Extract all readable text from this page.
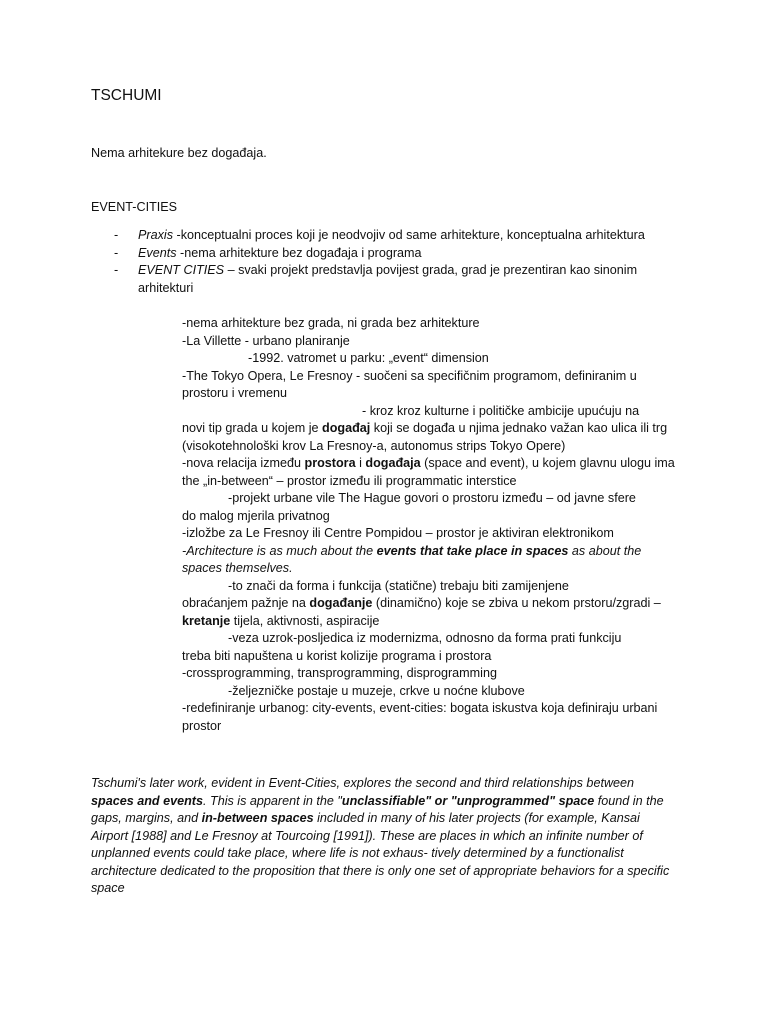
TSCHUMI
Nema arhitekure bez događaja.
EVENT-CITIES
- Praxis -konceptualni proces koji je neodvojiv od same arhitekture, konceptualna arhitektura
- Events -nema arhitekture bez događaja i programa
- EVENT CITIES – svaki projekt predstavlja povijest grada, grad je prezentiran kao sinonim arhitekturi

-nema arhitekture bez grada, ni grada bez arhitekture

-La Villette - urbano planiranje

-1992. vatromet u parku: „event“ dimension

-The Tokyo Opera, Le Fresnoy - suočeni sa specifičnim programom, definiranim u prostoru i vremenu

- kroz kroz kulturne i političke ambicije upućuju na

novi tip grada u kojem je događaj koji se događa u njima jednako važan kao ulica ili trg (visokotehnološki krov La Fresnoy-a, autonomus strips Tokyo Opere)

-nova relacija između prostora i događaja (space and event), u kojem glavnu ulogu ima the „in-between“ – prostor između ili programmatic interstice

-projekt urbane vile The Hague govori o prostoru između – od javne sfere

do malog mjerila privatnog

-izložbe za Le Fresnoy ili Centre Pompidou – prostor je aktiviran elektronikom

-Architecture is as much about the events that take place in spaces as about the spaces themselves.

-to znači da forma i funkcija (statične) trebaju biti zamijenjene

obraćanjem pažnje na događanje (dinamično) koje se zbiva u nekom prstoru/zgradi – kretanje tijela, aktivnosti, aspiracije

-veza uzrok-posljedica iz modernizma, odnosno da forma prati funkciju

treba biti napuštena u korist kolizije programa i prostora

-crossprogramming, transprogramming, disprogramming

-željezničke postaje u muzeje, crkve u noćne klubove

-redefiniranje urbanog: city-events, event-cities: bogata iskustva koja definiraju urbani prostor

Tschumi's later work, evident in Event-Cities, explores the second and third relationships between spaces and events. This is apparent in the "unclassifiable" or "unprogrammed" space found in the gaps, margins, and in-between spaces included in many of his later projects (for example, Kansai Airport [1988] and Le Fresnoy at Tourcoing [1991]). These are places in which an infinite number of unplanned events could take place, where life is not exhaus- tively determined by a functionalist architecture dedicated to the proposition that there is only one set of appropriate behaviors for a specific space
